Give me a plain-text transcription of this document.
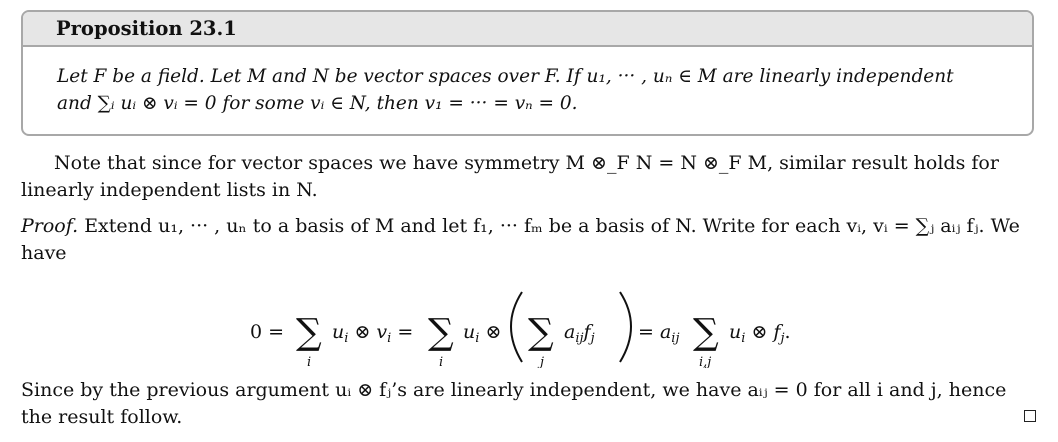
Proposition 23.1
Let F be a field. Let M and N be vector spaces over F. If u₁, ··· , uₙ ∈ M are linearly independent
and ∑ᵢ uᵢ ⊗ vᵢ = 0 for some vᵢ ∈ N, then v₁ = ··· = vₙ = 0.
Note that since for vector spaces we have symmetry M ⊗_F N = N ⊗_F M, similar result holds for linearly independent lists in N.
Proof. Extend u₁, ··· , uₙ to a basis of M and let f₁, ··· fₘ be a basis of N. Write for each vᵢ, vᵢ = ∑ⱼ aᵢⱼ fⱼ. We have
0 = ∑
i
$u_i$ ⊗ $v_i$ = ∑
i
$u_i$ ⊗ ∑
j
$a_{ij}f_j = a_{ij}$ ∑
i,j
$u_i$ ⊗ $f_j$.
Since by the previous argument uᵢ ⊗ fⱼ’s are linearly independent, we have aᵢⱼ = 0 for all i and j, hence the result follow.
